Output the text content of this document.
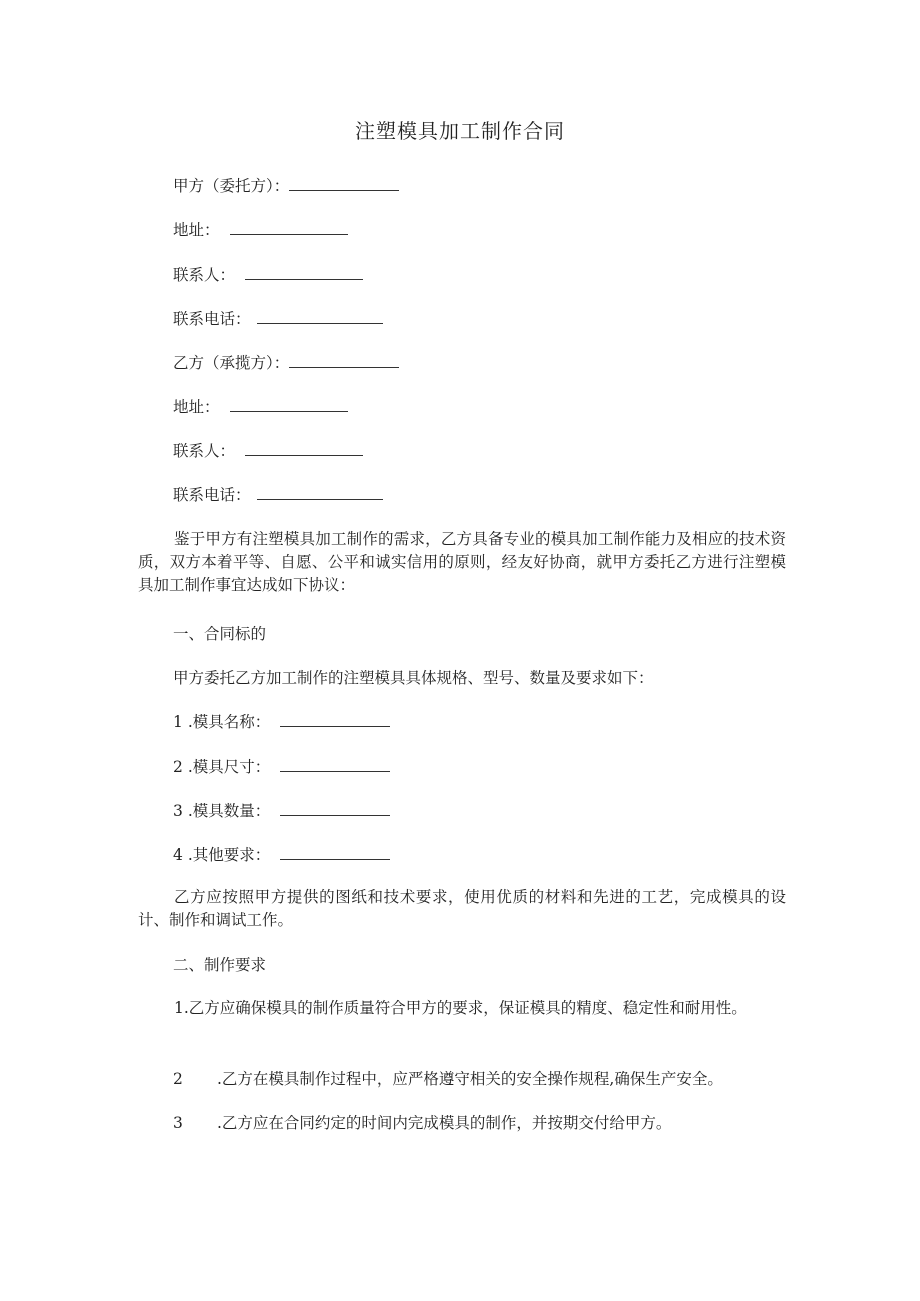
注塑模具加工制作合同
甲方（委托方）：
地址：
联系人：
联系电话：
乙方（承揽方）：
地址：
联系人：
联系电话：
鉴于甲方有注塑模具加工制作的需求，乙方具备专业的模具加工制作能力及相应的技术资质，双方本着平等、自愿、公平和诚实信用的原则，经友好协商，就甲方委托乙方进行注塑模具加工制作事宜达成如下协议：
一、合同标的
甲方委托乙方加工制作的注塑模具具体规格、型号、数量及要求如下：
1 .模具名称：
2 .模具尺寸：
3 .模具数量：
4 .其他要求：
乙方应按照甲方提供的图纸和技术要求，使用优质的材料和先进的工艺，完成模具的设计、制作和调试工作。
二、制作要求
1.乙方应确保模具的制作质量符合甲方的要求，保证模具的精度、稳定性和耐用性。
2 .乙方在模具制作过程中，应严格遵守相关的安全操作规程,确保生产安全。
3 .乙方应在合同约定的时间内完成模具的制作，并按期交付给甲方。
